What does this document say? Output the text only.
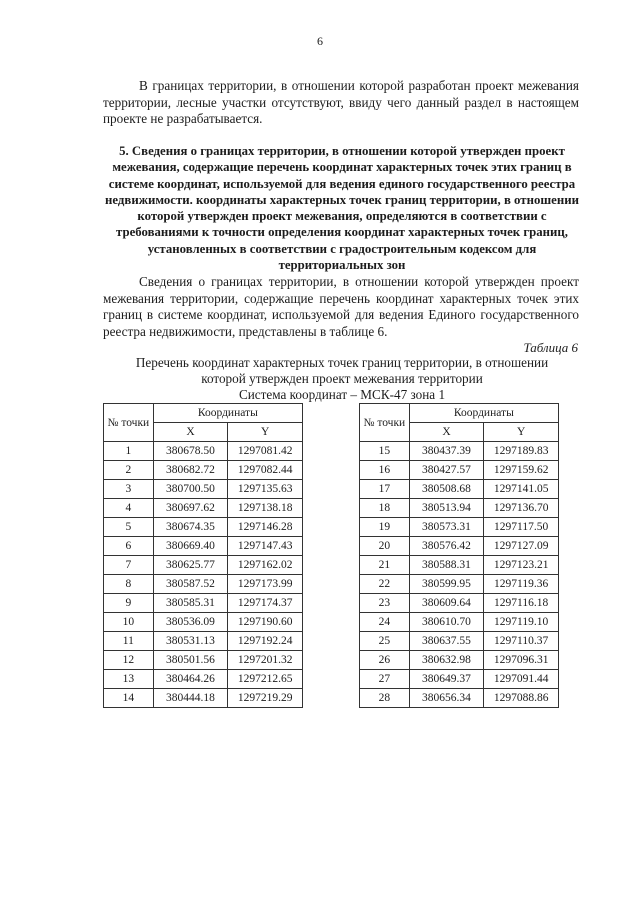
6
В границах территории, в отношении которой разработан проект межевания территории, лесные участки отсутствуют, ввиду чего данный раздел в настоящем проекте не разрабатывается.
5. Сведения о границах территории, в отношении которой утвержден проект межевания, содержащие перечень координат характерных точек этих границ в системе координат, используемой для ведения единого государственного реестра недвижимости. координаты характерных точек границ территории, в отношении которой утвержден проект межевания, определяются в соответствии с требованиями к точности определения координат характерных точек границ, установленных в соответствии с градостроительным кодексом для территориальных зон
Сведения о границах территории, в отношении которой утвержден проект межевания территории, содержащие перечень координат характерных точек этих границ в системе координат, используемой для ведения Единого государственного реестра недвижимости, представлены в таблице 6.
Таблица 6
Перечень координат характерных точек границ территории, в отношении
которой утвержден проект межевания территории
Система координат – МСК-47 зона 1
№ точки	Координаты	
	X	Y
1	380678.50	1297081.42
2	380682.72	1297082.44
3	380700.50	1297135.63
4	380697.62	1297138.18
5	380674.35	1297146.28
6	380669.40	1297147.43
7	380625.77	1297162.02
8	380587.52	1297173.99
9	380585.31	1297174.37
10	380536.09	1297190.60
11	380531.13	1297192.24
12	380501.56	1297201.32
13	380464.26	1297212.65
14	380444.18	1297219.29
№ точки	Координаты	
	X	Y
15	380437.39	1297189.83
16	380427.57	1297159.62
17	380508.68	1297141.05
18	380513.94	1297136.70
19	380573.31	1297117.50
20	380576.42	1297127.09
21	380588.31	1297123.21
22	380599.95	1297119.36
23	380609.64	1297116.18
24	380610.70	1297119.10
25	380637.55	1297110.37
26	380632.98	1297096.31
27	380649.37	1297091.44
28	380656.34	1297088.86
